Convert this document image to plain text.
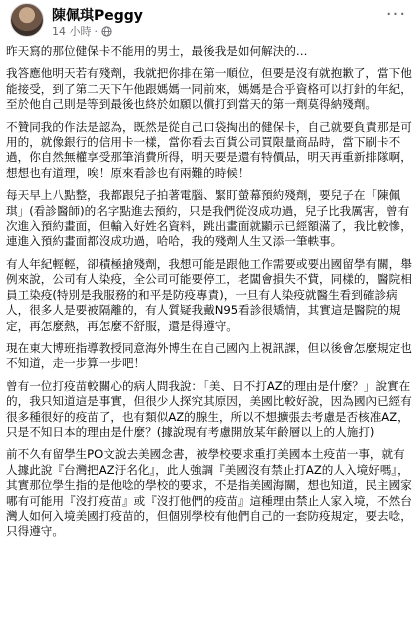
陳佩琪Peggy
14 小時 ·
···

昨天寫的那位健保卡不能用的男士，最後我是如何解決的…

我答應他明天若有殘劑，我就把你排在第一順位，但要是沒有就抱歉了，當下他能接受，到了第二天下午他跟媽媽一同前來，媽媽是合乎資格可以打針的年紀，至於他自己則是等到最後也終於如願以償打到當天的第一劑莫得納殘劑。

不贊同我的作法是認為，既然是從自己口袋掏出的健保卡，自己就要負責那是可用的，就像銀行的信用卡一樣，當你看去百貨公司買限量商品時，當下刷卡不過，你自然無權享受那筆消費所得，明天要是還有特價品，明天再重新排隊啊，想想也有道理，唉！原來看診也有兩難的時候！

每天早上八點整，我都跟兒子拍著電腦、緊盯螢幕預約殘劑，要兒子在「陳佩琪」(看診醫師)的名字點進去預約，只是我們從沒成功過，兒子比我厲害，曾有次進入預約畫面，但輸入好姓名資料，跳出畫面就顯示已經額滿了，我比較慘，連進入預約畫面都沒成功過，哈哈，我的殘劑人生又添一筆軼事。

有人年紀輕輕，卻積極搶殘劑，我想可能是跟他工作需要或要出國留學有關，舉例來說，公司有人染疫，全公司可能要停工，老闆會損失不貲，同樣的，醫院相員工染疫(特別是我服務的和平是防疫專責)，一旦有人染疫就醫生看到確診病人，很多人是要被隔離的，有人質疑我戴N95看診很矯情，其實這是醫院的規定，再怎麼熱，再怎麼不舒服，還是得遵守。

現在東大博班指導教授同意海外博生在自己國內上視訊課，但以後會怎麼規定也不知道，走一步算一步吧！

曾有一位打疫苗較關心的病人問我說：「美、日不打AZ的理由是什麼？」說實在的，我只知道這是事實，但很少人探究其原因，美國比較好說，因為國內已經有很多種很好的疫苗了，也有類似AZ的腺生，所以不想擴張去考慮是否核准AZ，只是不知日本的理由是什麼？(據說現有考慮開放某年齡層以上的人施打)

前不久有留學生PO文說去美國念書，被學校要求重打美國本土疫苗一事，就有人據此說『台灣把AZ汙名化』，此人強調『美國沒有禁止打AZ的人入境好嗎』， 其實那位學生指的是他唸的學校的要求，不是指美國海關，想也知道，民主國家哪有可能用『沒打疫苗』或『沒打他們的疫苗』這種理由禁止人家入境，不然台灣人如何入境美國打疫苗的，但個別學校有他們自己的一套防疫規定，要去唸，只得遵守。
